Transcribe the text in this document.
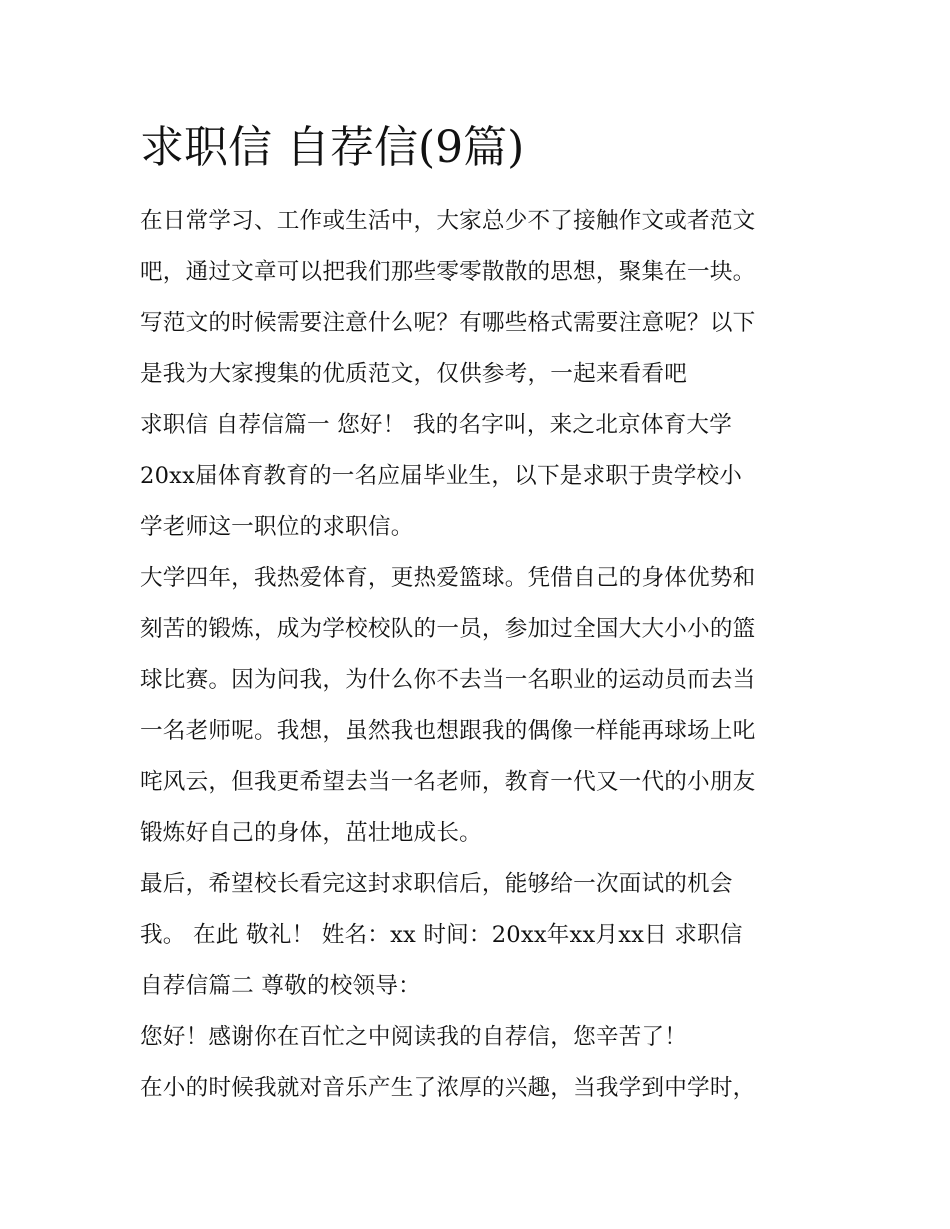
求职信 自荐信(9篇)
在日常学习、工作或生活中，大家总少不了接触作文或者范文
吧，通过文章可以把我们那些零零散散的思想，聚集在一块。
写范文的时候需要注意什么呢？有哪些格式需要注意呢？以下
是我为大家搜集的优质范文，仅供参考，一起来看看吧
求职信 自荐信篇一 您好！ 我的名字叫，来之北京体育大学
20xx届体育教育的一名应届毕业生，以下是求职于贵学校小
学老师这一职位的求职信。
大学四年，我热爱体育，更热爱篮球。凭借自己的身体优势和
刻苦的锻炼，成为学校校队的一员，参加过全国大大小小的篮
球比赛。因为问我，为什么你不去当一名职业的运动员而去当
一名老师呢。我想，虽然我也想跟我的偶像一样能再球场上叱
咤风云，但我更希望去当一名老师，教育一代又一代的小朋友
锻炼好自己的身体，茁壮地成长。
最后，希望校长看完这封求职信后，能够给一次面试的机会
我。 在此 敬礼！ 姓名：xx 时间：20xx年xx月xx日 求职信
自荐信篇二 尊敬的校领导：
您好！感谢你在百忙之中阅读我的自荐信，您辛苦了！
在小的时候我就对音乐产生了浓厚的兴趣，当我学到中学时，
